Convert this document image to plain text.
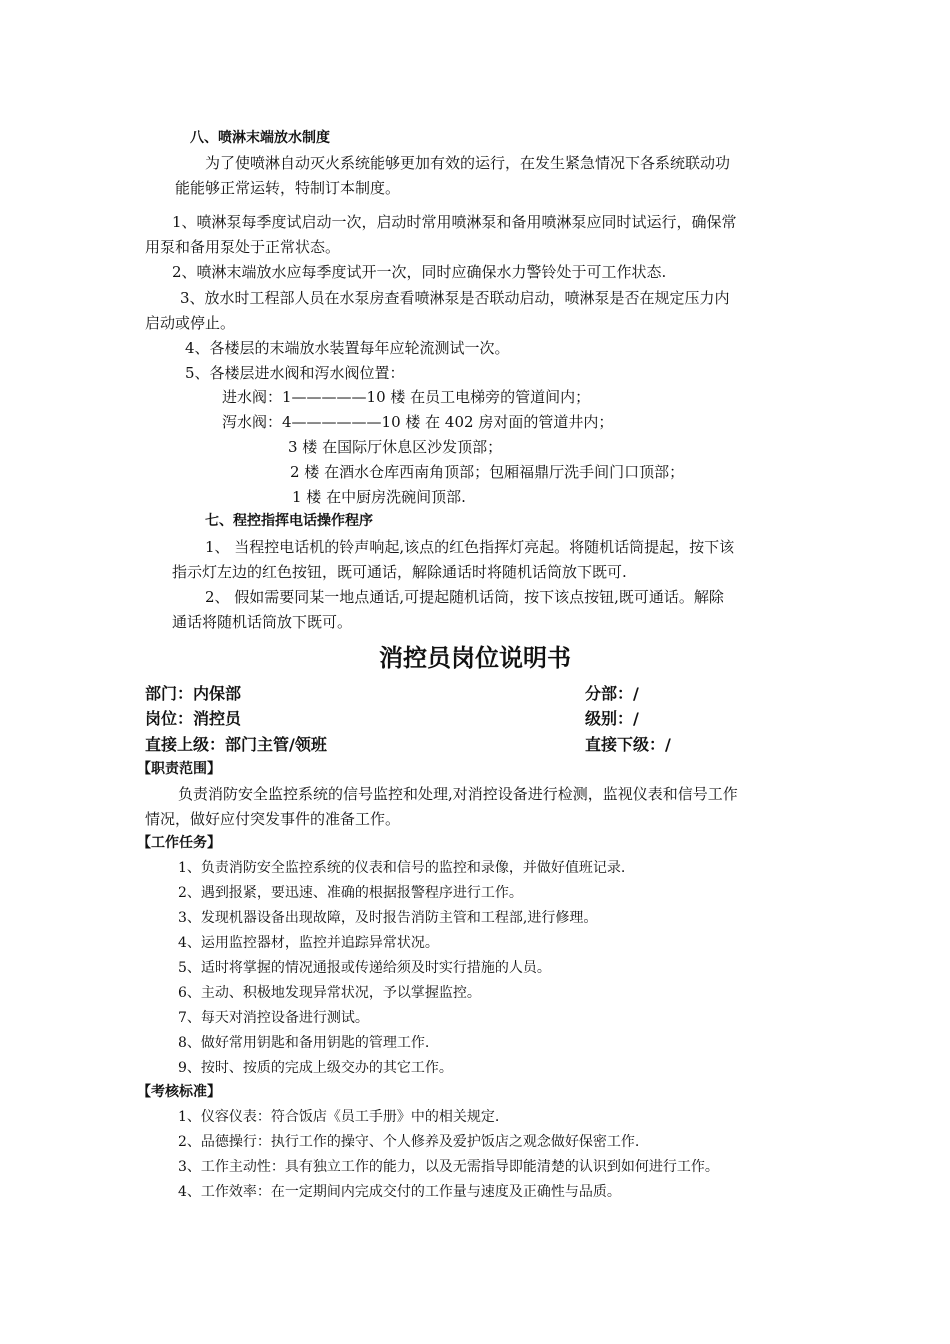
八、喷淋末端放水制度
为了使喷淋自动灭火系统能够更加有效的运行，在发生紧急情况下各系统联动功
能能够正常运转，特制订本制度。
1、喷淋泵每季度试启动一次，启动时常用喷淋泵和备用喷淋泵应同时试运行，确保常
用泵和备用泵处于正常状态。
2、喷淋末端放水应每季度试开一次，同时应确保水力警铃处于可工作状态.
3、放水时工程部人员在水泵房查看喷淋泵是否联动启动，喷淋泵是否在规定压力内
启动或停止。
4、各楼层的末端放水装置每年应轮流测试一次。
5、各楼层进水阀和泻水阀位置：
进水阀：1—————10 楼 在员工电梯旁的管道间内；
泻水阀：4——————10 楼 在 402 房对面的管道井内；
3 楼 在国际厅休息区沙发顶部；
2 楼 在酒水仓库西南角顶部；包厢福鼎厅洗手间门口顶部；
1 楼 在中厨房洗碗间顶部.
七、程控指挥电话操作程序
1、 当程控电话机的铃声响起,该点的红色指挥灯亮起。将随机话筒提起，按下该
指示灯左边的红色按钮，既可通话，解除通话时将随机话筒放下既可.
2、 假如需要同某一地点通话,可提起随机话筒，按下该点按钮,既可通话。解除
通话将随机话筒放下既可。
消控员岗位说明书
部门：内保部	分部：/
岗位：消控员	级别：/
直接上级：部门主管/领班	直接下级：/
【职责范围】
负责消防安全监控系统的信号监控和处理,对消控设备进行检测，监视仪表和信号工作
情况，做好应付突发事件的准备工作。
【工作任务】
1、负责消防安全监控系统的仪表和信号的监控和录像，并做好值班记录.
2、遇到报紧，要迅速、准确的根据报警程序进行工作。
3、发现机器设备出现故障，及时报告消防主管和工程部,进行修理。
4、运用监控器材，监控并追踪异常状况。
5、适时将掌握的情况通报或传递给须及时实行措施的人员。
6、主动、积极地发现异常状况，予以掌握监控。
7、每天对消控设备进行测试。
8、做好常用钥匙和备用钥匙的管理工作.
9、按时、按质的完成上级交办的其它工作。
【考核标准】
1、仪容仪表：符合饭店《员工手册》中的相关规定.
2、品德操行：执行工作的操守、个人修养及爱护饭店之观念做好保密工作.
3、工作主动性：具有独立工作的能力，以及无需指导即能清楚的认识到如何进行工作。
4、工作效率：在一定期间内完成交付的工作量与速度及正确性与品质。
